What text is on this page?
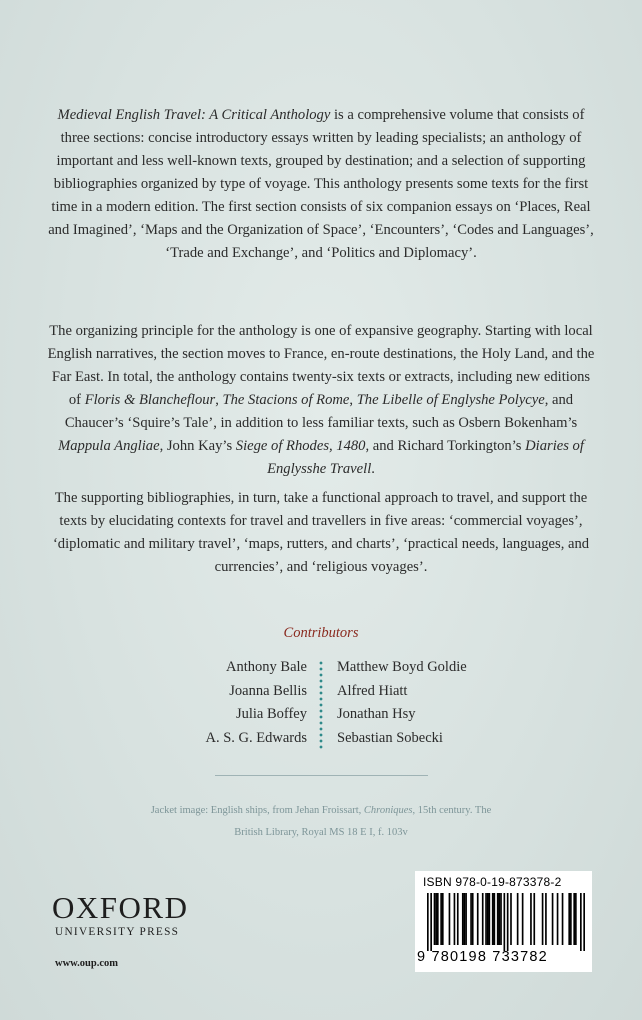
Medieval English Travel: A Critical Anthology is a comprehensive volume that consists of three sections: concise introductory essays written by leading specialists; an anthology of important and less well-known texts, grouped by destination; and a selection of supporting bibliographies organized by type of voyage. This anthology presents some texts for the first time in a modern edition. The first section consists of six companion essays on ‘Places, Real and Imagined’, ‘Maps and the Organization of Space’, ‘Encounters’, ‘Codes and Languages’, ‘Trade and Exchange’, and ‘Politics and Diplomacy’.
The organizing principle for the anthology is one of expansive geography. Starting with local English narratives, the section moves to France, en-route destinations, the Holy Land, and the Far East. In total, the anthology contains twenty-six texts or extracts, including new editions of Floris & Blancheflour, The Stacions of Rome, The Libelle of Englyshe Polycye, and Chaucer’s ‘Squire’s Tale’, in addition to less familiar texts, such as Osbern Bokenham’s Mappula Angliae, John Kay’s Siege of Rhodes, 1480, and Richard Torkington’s Diaries of Englysshe Travell.
The supporting bibliographies, in turn, take a functional approach to travel, and support the texts by elucidating contexts for travel and travellers in five areas: ‘commercial voyages’, ‘diplomatic and military travel’, ‘maps, rutters, and charts’, ‘practical needs, languages, and currencies’, and ‘religious voyages’.
Contributors
Anthony Bale
Joanna Bellis
Julia Boffey
A. S. G. Edwards
Matthew Boyd Goldie
Alfred Hiatt
Jonathan Hsy
Sebastian Sobecki
Jacket image: English ships, from Jehan Froissart, Chroniques, 15th century. The British Library, Royal MS 18 E I, f. 103v
OXFORD
UNIVERSITY PRESS
www.oup.com
ISBN 978-0-19-873378-2
9 780198 733782
